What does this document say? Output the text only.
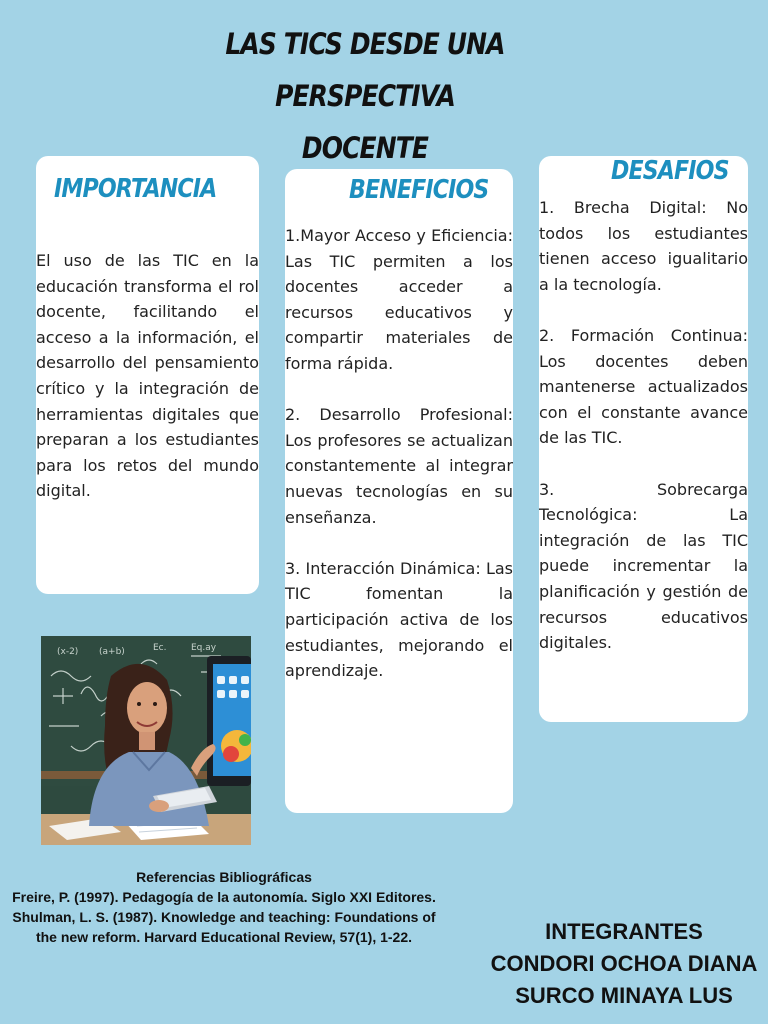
LAS TICS DESDE UNA PERSPECTIVA
DOCENTE
IMPORTANCIA

El uso de las TIC en la educación transforma el rol docente, facilitando el acceso a la información, el desarrollo del pensamiento crítico y la integración de herramientas digitales que preparan a los estudiantes para los retos del mundo digital.

BENEFICIOS

1.Mayor Acceso y Eficiencia: Las TIC permiten a los docentes acceder a recursos educativos y compartir materiales de forma rápida.

2. Desarrollo Profesional: Los profesores se actualizan constantemente al integrar nuevas tecnologías en su enseñanza.

3. Interacción Dinámica: Las TIC fomentan la participación activa de los estudiantes, mejorando el aprendizaje.

DESAFIOS

1. Brecha Digital: No todos los estudiantes tienen acceso igualitario a la tecnología.

2. Formación Continua: Los docentes deben mantenerse actualizados con el constante avance de las TIC.

3. Sobrecarga Tecnológica: La integración de las TIC puede incrementar la planificación y gestión de recursos educativos digitales.

(x-2) (a+b)	Ec.	Eq.ay
Referencias Bibliográficas
Freire, P. (1997). Pedagogía de la autonomía. Siglo XXI Editores.
Shulman, L. S. (1987). Knowledge and teaching: Foundations of the new reform. Harvard Educational Review, 57(1), 1-22.	INTEGRANTES
CONDORI OCHOA DIANA
SURCO MINAYA LUS
